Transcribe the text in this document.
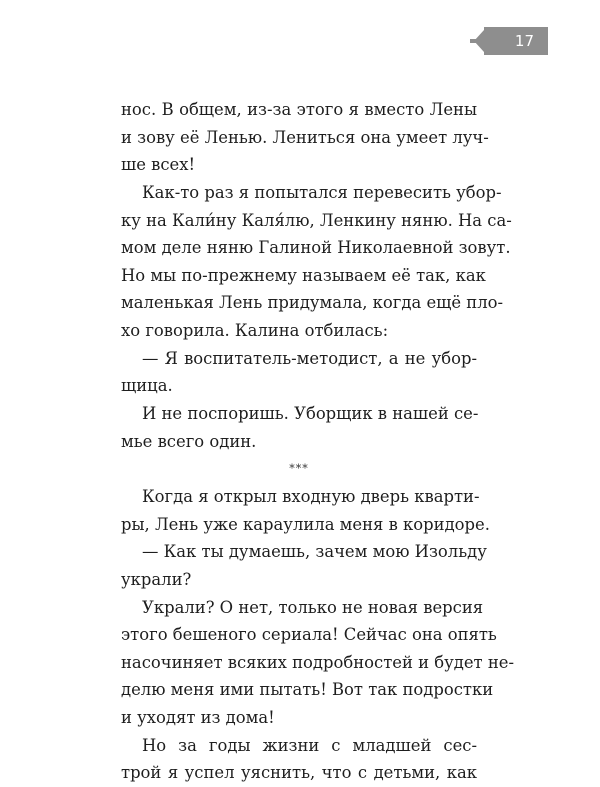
17
нос. В общем, из-за этого я вместо Лены
и зову её Ленью. Лениться она умеет луч-
ше всех!
Как-то раз я попытался перевесить убор-
ку на Кали́ну Каля́лю, Ленкину няню. На са-
мом деле няню Галиной Николаевной зовут.
Но мы по-прежнему называем её так, как
маленькая Лень придумала, когда ещё пло-
хо говорила. Калина отбилась:
— Я воспитатель-методист, а не убор-
щица.
И не поспоришь. Уборщик в нашей се-
мье всего один.
***
Когда я открыл входную дверь кварти-
ры, Лень уже караулила меня в коридоре.
— Как ты думаешь, зачем мою Изольду
украли?
Украли? О нет, только не новая версия
этого бешеного сериала! Сейчас она опять
насочиняет всяких подробностей и будет не-
делю меня ими пытать! Вот так подростки
и уходят из дома!
Но за годы жизни с младшей сес-
трой я успел уяснить, что с детьми, как
